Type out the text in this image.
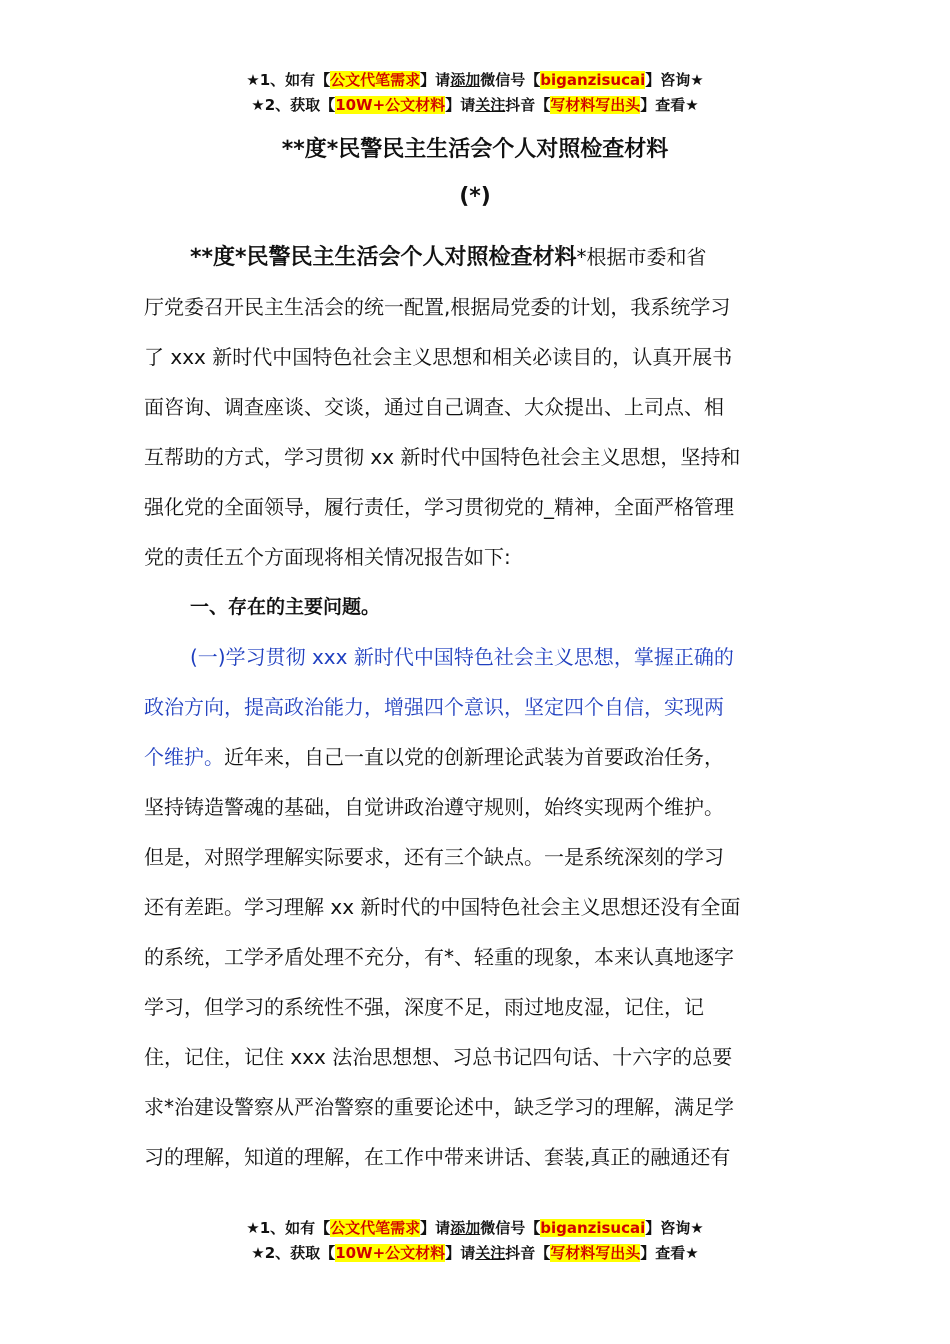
★1、如有【公文代笔需求】请添加微信号【biganzisucai】咨询★
★2、获取【10W+公文材料】请关注抖音【写材料写出头】查看★
**度*民警民主生活会个人对照检查材料
(*)
**度*民警民主生活会个人对照检查材料*根据市委和省
厅党委召开民主生活会的统一配置,根据局党委的计划，我系统学习
了 xxx 新时代中国特色社会主义思想和相关必读目的，认真开展书
面咨询、调查座谈、交谈，通过自己调查、大众提出、上司点、相
互帮助的方式，学习贯彻 xx 新时代中国特色社会主义思想，坚持和
强化党的全面领导，履行责任，学习贯彻党的_精神，全面严格管理
党的责任五个方面现将相关情况报告如下:
一、存在的主要问题。
(一)学习贯彻 xxx 新时代中国特色社会主义思想，掌握正确的
政治方向，提高政治能力，增强四个意识，坚定四个自信，实现两
个维护。近年来，自己一直以党的创新理论武装为首要政治任务，
坚持铸造警魂的基础，自觉讲政治遵守规则，始终实现两个维护。
但是，对照学理解实际要求，还有三个缺点。一是系统深刻的学习
还有差距。学习理解 xx 新时代的中国特色社会主义思想还没有全面
的系统，工学矛盾处理不充分，有*、轻重的现象，本来认真地逐字
学习，但学习的系统性不强，深度不足，雨过地皮湿，记住，记
住，记住，记住 xxx 法治思想想、习总书记四句话、十六字的总要
求*治建设警察从严治警察的重要论述中，缺乏学习的理解，满足学
习的理解，知道的理解，在工作中带来讲话、套装,真正的融通还有
★1、如有【公文代笔需求】请添加微信号【biganzisucai】咨询★
★2、获取【10W+公文材料】请关注抖音【写材料写出头】查看★
